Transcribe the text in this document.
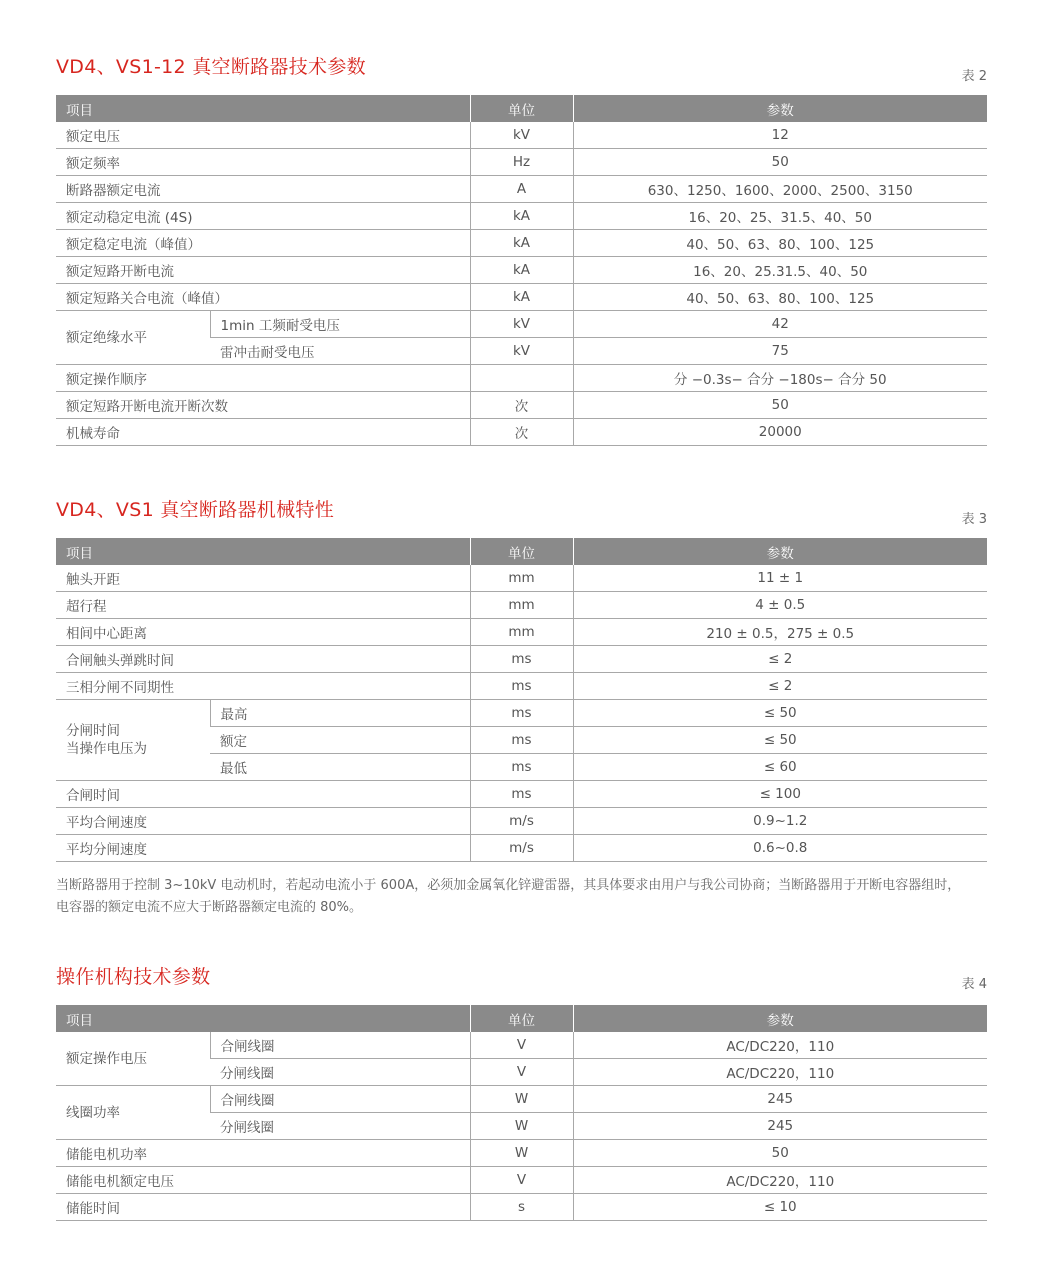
VD4、VS1-12 真空断路器技术参数	表 2
项目		单位	参数
额定电压		kV	12
额定频率		Hz	50
断路器额定电流		A	630、1250、1600、2000、2500、3150
额定动稳定电流 (4S)		kA	16、20、25、31.5、40、50
额定稳定电流（峰值）		kA	40、50、63、80、100、125
额定短路开断电流		kA	16、20、25.31.5、40、50
额定短路关合电流（峰值）		kA	40、50、63、80、100、125
额定绝缘水平	1min 工频耐受电压	kV	42
	雷冲击耐受电压	kV	75
额定操作顺序			分 −0.3s− 合分 −180s− 合分 50
额定短路开断电流开断次数		次	50
机械寿命		次	20000
VD4、VS1 真空断路器机械特性	表 3
项目		单位	参数
触头开距		mm	11 ± 1
超行程		mm	4 ± 0.5
相间中心距离		mm	210 ± 0.5，275 ± 0.5
合闸触头弹跳时间		ms	≤ 2
三相分闸不同期性		ms	≤ 2

分闸时间
当操作电压为	最高	ms	≤ 50
	额定	ms	≤ 50
	最低	ms	≤ 60
合闸时间		ms	≤ 100
平均合闸速度		m/s	0.9~1.2
平均分闸速度		m/s	0.6~0.8
当断路器用于控制 3~10kV 电动机时，若起动电流小于 600A，必须加金属氧化锌避雷器，其具体要求由用户与我公司协商；当断路器用于开断电容器组时，
电容器的额定电流不应大于断路器额定电流的 80%。
操作机构技术参数	表 4
项目		单位	参数
额定操作电压	合闸线圈	V	AC/DC220，110
	分闸线圈	V	AC/DC220，110
线圈功率	合闸线圈	W	245
	分闸线圈	W	245
储能电机功率		W	50
储能电机额定电压		V	AC/DC220，110
储能时间		s	≤ 10
